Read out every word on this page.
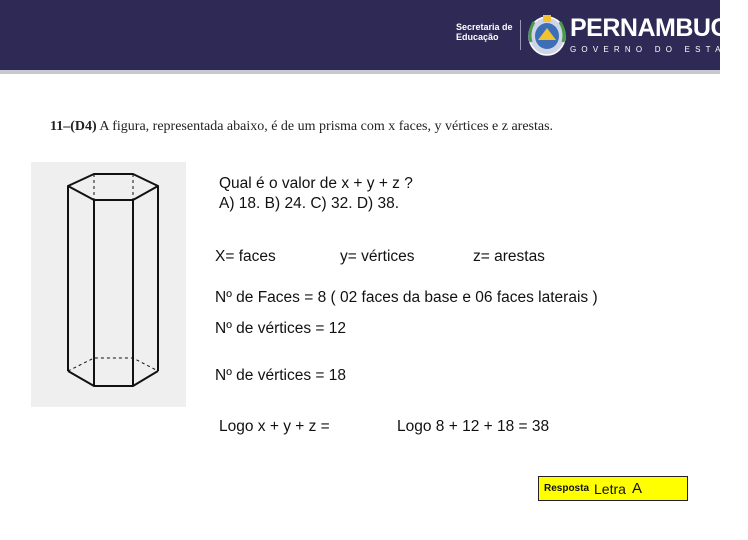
Secretaria de
Educação	PERNAMBUCO
GOVERNO DO ESTADO
11–(D4) A figura, representada abaixo, é de um prisma com x faces, y vértices e z arestas.
Qual é o valor de x + y + z ?
A) 18. B) 24. C) 32. D) 38.
X= faces	y= vértices	z= arestas
Nº de Faces = 8 ( 02 faces da base e 06 faces laterais )
Nº de vértices = 12
Nº de vértices = 18
Logo x + y + z =	Logo 8 + 12 + 18 = 38
Resposta Letra A
